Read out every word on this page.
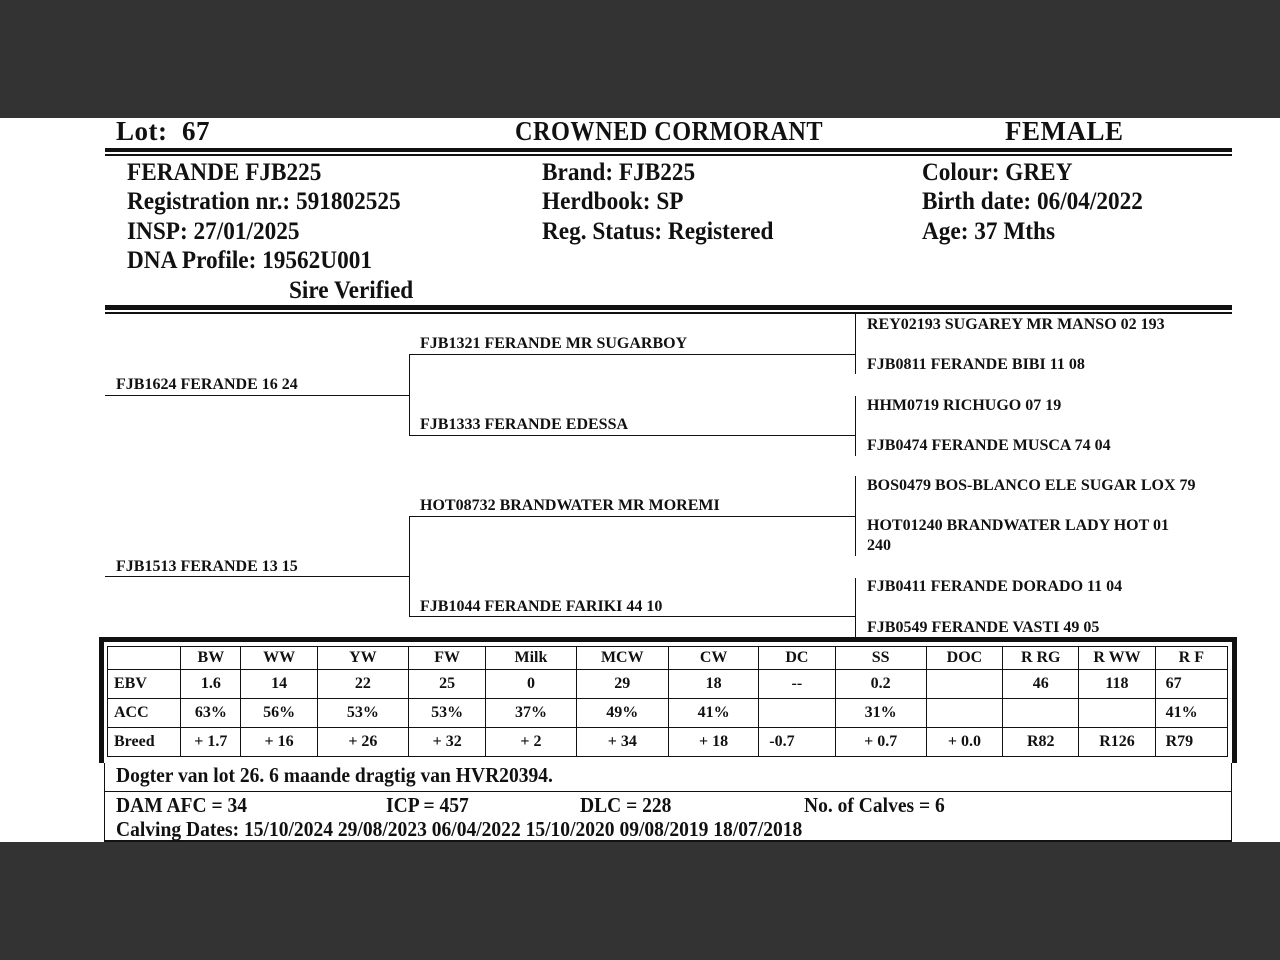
Lot: 67	CROWNED CORMORANT	FEMALE
FERANDE FJB225
Registration nr.: 591802525
INSP: 27/01/2025
DNA Profile: 19562U001
Sire Verified
Brand: FJB225
Herdbook: SP
Reg. Status: Registered
Colour: GREY
Birth date: 06/04/2022
Age: 37 Mths
FJB1624 FERANDE 16 24
FJB1513 FERANDE 13 15
FJB1321 FERANDE MR SUGARBOY
FJB1333 FERANDE EDESSA
HOT08732 BRANDWATER MR MOREMI
FJB1044 FERANDE FARIKI 44 10
REY02193 SUGAREY MR MANSO 02 193
FJB0811 FERANDE BIBI 11 08
HHM0719 RICHUGO 07 19
FJB0474 FERANDE MUSCA 74 04
BOS0479 BOS-BLANCO ELE SUGAR LOX 79
HOT01240 BRANDWATER LADY HOT 01
240
FJB0411 FERANDE DORADO 11 04
FJB0549 FERANDE VASTI 49 05
	BW	WW	YW	FW	Milk	MCW	CW	DC	SS	DOC	R RG	R WW	R F
EBV	1.6	14	22	25	0	29	18	--	0.2		46	118	67
ACC	63%	56%	53%	53%	37%	49%	41%		31%				41%
Breed	+ 1.7	+ 16	+ 26	+ 32	+ 2	+ 34	+ 18	-0.7	+ 0.7	+ 0.0	R82	R126	R79
Dogter van lot 26. 6 maande dragtig van HVR20394.
DAM AFC = 34	ICP = 457	DLC = 228	No. of Calves = 6
Calving Dates: 15/10/2024 29/08/2023 06/04/2022 15/10/2020 09/08/2019 18/07/2018
